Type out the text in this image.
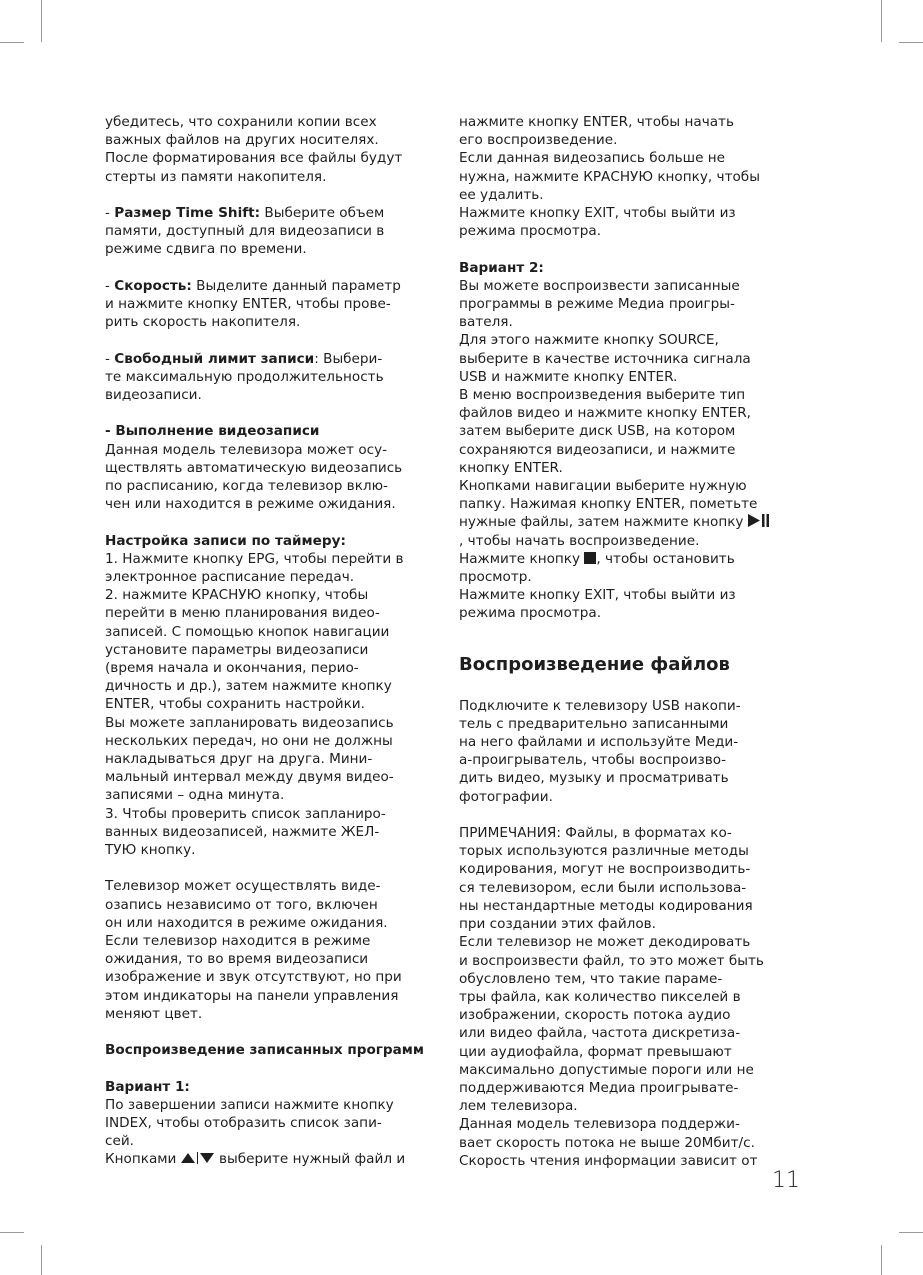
убедитесь, что сохранили копии всех
важных файлов на других носителях.
После форматирования все файлы будут
стерты из памяти накопителя.
- Размер Time Shift: Выберите объем
памяти, доступный для видеозаписи в
режиме сдвига по времени.
- Скорость: Выделите данный параметр
и нажмите кнопку ENTER, чтобы прове-
рить скорость накопителя.
- Свободный лимит записи: Выбери-
те максимальную продолжительность
видеозаписи.
- Выполнение видеозаписи
Данная модель телевизора может осу-
ществлять автоматическую видеозапись
по расписанию, когда телевизор вклю-
чен или находится в режиме ожидания.
Настройка записи по таймеру:
1. Нажмите кнопку EPG, чтобы перейти в
электронное расписание передач.
2. нажмите КРАСНУЮ кнопку, чтобы
перейти в меню планирования видео-
записей. С помощью кнопок навигации
установите параметры видеозаписи
(время начала и окончания, перио-
дичность и др.), затем нажмите кнопку
ENTER, чтобы сохранить настройки.
Вы можете запланировать видеозапись
нескольких передач, но они не должны
накладываться друг на друга. Мини-
мальный интервал между двумя видео-
записями – одна минута.
3. Чтобы проверить список запланиро-
ванных видеозаписей, нажмите ЖЕЛ-
ТУЮ кнопку.
Телевизор может осуществлять виде-
озапись независимо от того, включен
он или находится в режиме ожидания.
Если телевизор находится в режиме
ожидания, то во время видеозаписи
изображение и звук отсутствуют, но при
этом индикаторы на панели управления
меняют цвет.
Воспроизведение записанных программ
Вариант 1:
По завершении записи нажмите кнопку
INDEX, чтобы отобразить список запи-
сей.
Кнопками	выберите нужный файл и
нажмите кнопку ENTER, чтобы начать
его воспроизведение.
Если данная видеозапись больше не
нужна, нажмите КРАСНУЮ кнопку, чтобы
ее удалить.
Нажмите кнопку EXIT, чтобы выйти из
режима просмотра.
Вариант 2:
Вы можете воспроизвести записанные
программы в режиме Медиа проигры-
вателя.
Для этого нажмите кнопку SOURCE,
выберите в качестве источника сигнала
USB и нажмите кнопку ENTER.
В меню воспроизведения выберите тип
файлов видео и нажмите кнопку ENTER,
затем выберите диск USB, на котором
сохраняются видеозаписи, и нажмите
кнопку ENTER.
Кнопками навигации выберите нужную
папку. Нажимая кнопку ENTER, пометьте
нужные файлы, затем нажмите кнопку
, чтобы начать воспроизведение.
Нажмите кнопку , чтобы остановить
просмотр.
Нажмите кнопку EXIT, чтобы выйти из
режима просмотра.
Воспроизведение файлов
Подключите к телевизору USB накопи-
тель с предварительно записанными
на него файлами и используйте Меди-
а-проигрыватель, чтобы воспроизво-
дить видео, музыку и просматривать
фотографии.
ПРИМЕЧАНИЯ: Файлы, в форматах ко-
торых используются различные методы
кодирования, могут не воспроизводить-
ся телевизором, если были использова-
ны нестандартные методы кодирования
при создании этих файлов.
Если телевизор не может декодировать
и воспроизвести файл, то это может быть
обусловлено тем, что такие параме-
тры файла, как количество пикселей в
изображении, скорость потока аудио
или видео файла, частота дискретиза-
ции аудиофайла, формат превышают
максимально допустимые пороги или не
поддерживаются Медиа проигрывате-
лем телевизора.
Данная модель телевизора поддержи-
вает скорость потока не выше 20Мбит/с.
Скорость чтения информации зависит от
11
